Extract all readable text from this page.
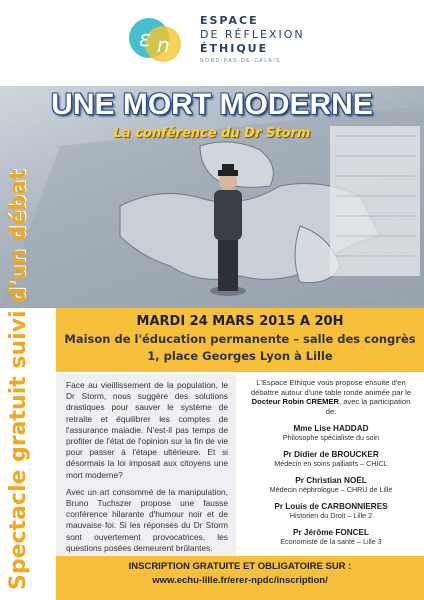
ε n
ESPACE
DE RÉFLEXION
ÉTHIQUE
NORD-PAS-DE-CALAIS
UNE MORT MODERNE
La conférence du Dr Storm
Spectacle gratuit suivi d'un débat	MARDI 24 MARS 2015 A 20H
Maison de l'éducation permanente – salle des congrès
1, place Georges Lyon à Lille

Face au vieillissement de la population, le Dr Storm, nous suggère des solutions drastiques pour sauver le système de retraite et équilibrer les comptes de l'assurance maladie. N'est-il pas temps de profiter de l'état de l'opinion sur la fin de vie pour passer à l'étape ultérieure. Et si désormais la loi imposait aux citoyens une mort moderne?

Avec un art consommé de la manipulation, Bruno Tuchszer propose une fausse conférence hilarante d'humour noir et de mauvaise foi. Si les réponses du Dr Storm sont ouvertement provocatrices, les questions posées demeurent brûlantes.

L'Espace Ethique vous propose ensuite d'en débattre autour d'une table ronde animée par le Docteur Robin CREMER, avec la participation de:
Mme Lise HADDAD
Philosophe spécialiste du soin
Pr Didier de BROUCKER
Médecin en soins palliatifs – CHICL
Pr Christian NOËL
Médecin néphrologue – CHRU de Lille
Pr Louis de CARBONNIERES
Historien du Droit – Lille 2
Pr Jérôme FONCEL
Economiste de la santé – Lille 3
INSCRIPTION GRATUITE ET OBLIGATOIRE SUR :
www.echu-lille.fr/erer-npdc/inscription/
